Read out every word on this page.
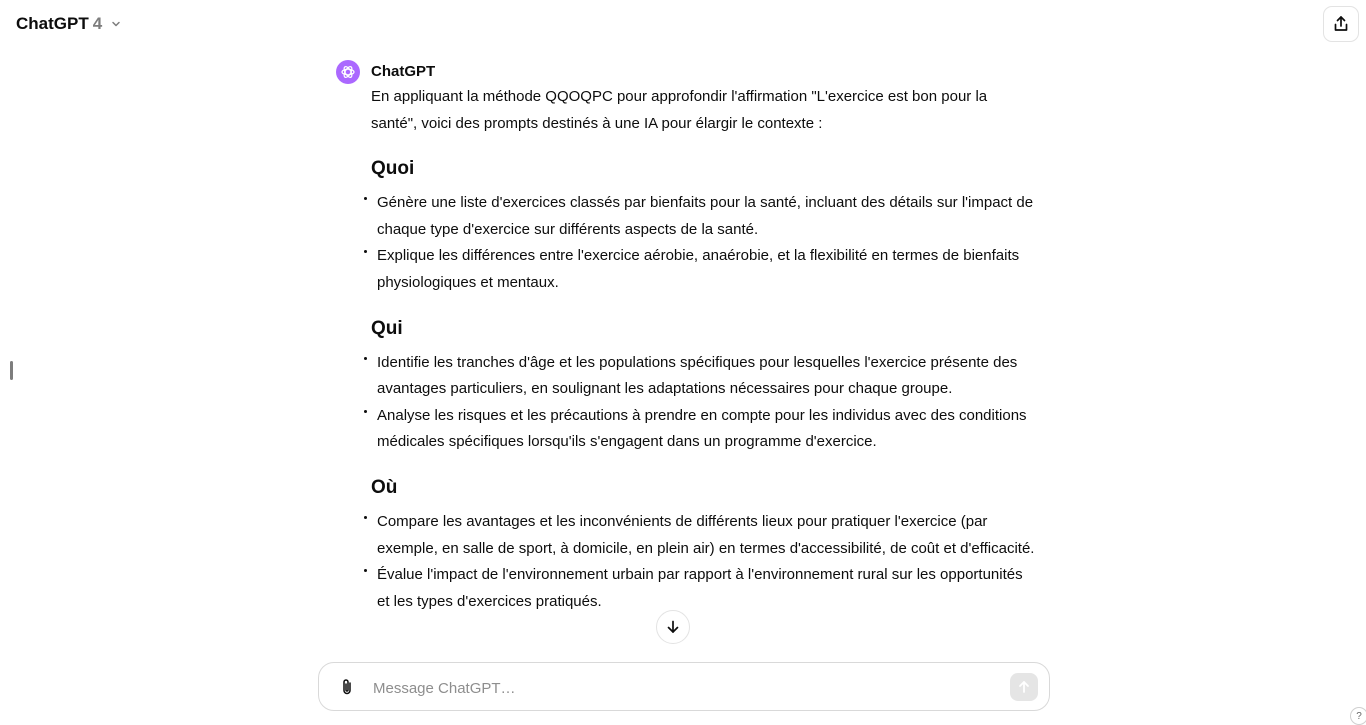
ChatGPT 4
ChatGPT

En appliquant la méthode QQOQPC pour approfondir l'affirmation "L'exercice est bon pour la santé", voici des prompts destinés à une IA pour élargir le contexte :

Quoi
Génère une liste d'exercices classés par bienfaits pour la santé, incluant des détails sur l'impact de chaque type d'exercice sur différents aspects de la santé.
Explique les différences entre l'exercice aérobie, anaérobie, et la flexibilité en termes de bienfaits physiologiques et mentaux.
Qui
Identifie les tranches d'âge et les populations spécifiques pour lesquelles l'exercice présente des avantages particuliers, en soulignant les adaptations nécessaires pour chaque groupe.
Analyse les risques et les précautions à prendre en compte pour les individus avec des conditions médicales spécifiques lorsqu'ils s'engagent dans un programme d'exercice.
Où
Compare les avantages et les inconvénients de différents lieux pour pratiquer l'exercice (par exemple, en salle de sport, à domicile, en plein air) en termes d'accessibilité, de coût et d'efficacité.
Évalue l'impact de l'environnement urbain par rapport à l'environnement rural sur les opportunités et les types d'exercices pratiqués.
Message ChatGPT…
?
